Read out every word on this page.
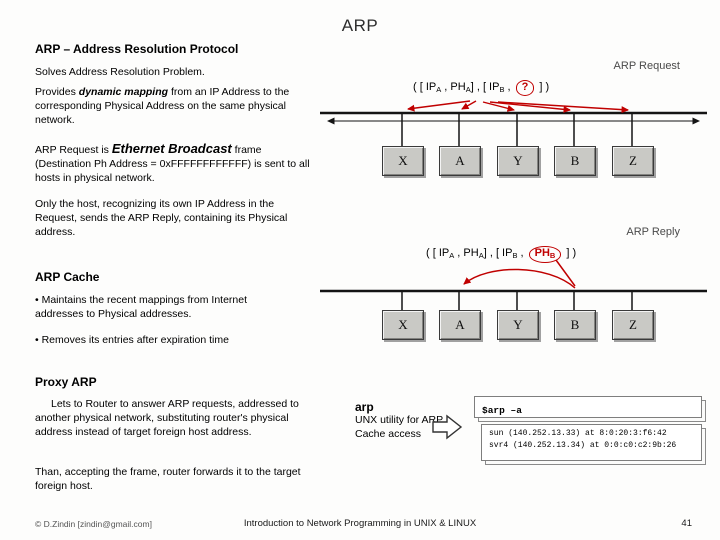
ARP
ARP – Address Resolution Protocol
Solves Address Resolution Problem.
Provides dynamic mapping from an IP Address to the corresponding Physical Address on the same physical network.
ARP Request is Ethernet Broadcast frame (Destination Ph Address = 0xFFFFFFFFFFFF) is sent to all hosts in physical network.
Only the host, recognizing its own IP Address in the Request, sends the ARP Reply, containing its Physical address.
ARP Cache
• Maintains the recent mappings from Internet addresses to Physical addresses.
• Removes its entries after expiration time
Proxy ARP
Lets to Router to answer ARP requests, addressed to another physical network, substituting router's physical address instead of target foreign host address.
Than, accepting the frame, router forwards it to the target foreign host.
ARP Request
( [ $IP_A$ , $PH_A$] , [ $IP_B$ , ? ] )
X	A	Y	B	Z
ARP Reply
( [ $IP_A$ , $PH_A$] , [ $IP_B$ , $PH_B$ ] )
X	A	Y	B	Z
arp
UNX utility for ARP Cache access
$arp –a
sun (140.252.13.33) at 8:0:20:3:f6:42
svr4 (140.252.13.34) at 0:0:c0:c2:9b:26
© D.Zindin [zindin@gmail.com]	Introduction to Network Programming in UNIX & LINUX	41
